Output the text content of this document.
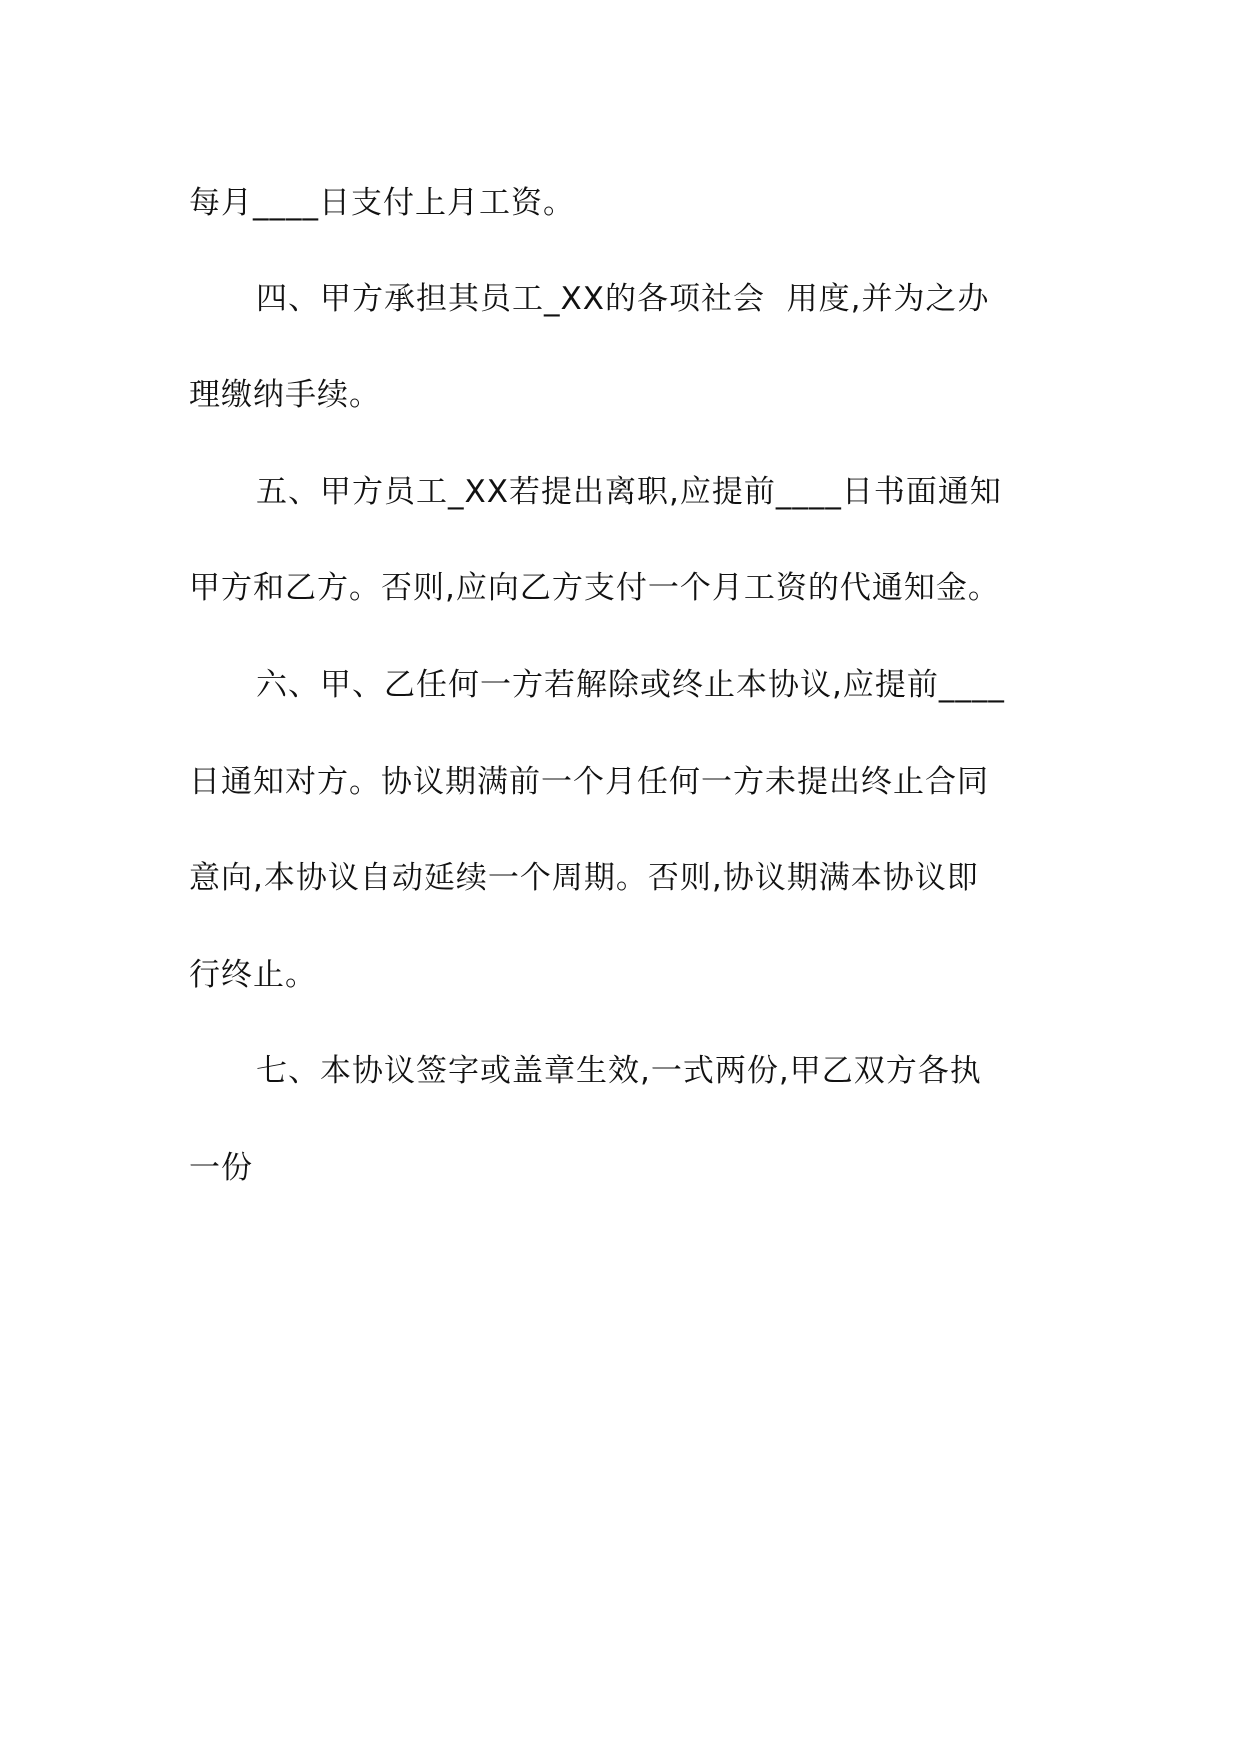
每月____日支付上月工资。
四、甲方承担其员工_XX的各项社会  用度,并为之办
理缴纳手续。
五、甲方员工_XX若提出离职,应提前____日书面通知
甲方和乙方。否则,应向乙方支付一个月工资的代通知金。
六、甲、乙任何一方若解除或终止本协议,应提前____
日通知对方。协议期满前一个月任何一方未提出终止合同
意向,本协议自动延续一个周期。否则,协议期满本协议即
行终止。
七、本协议签字或盖章生效,一式两份,甲乙双方各执
一份
